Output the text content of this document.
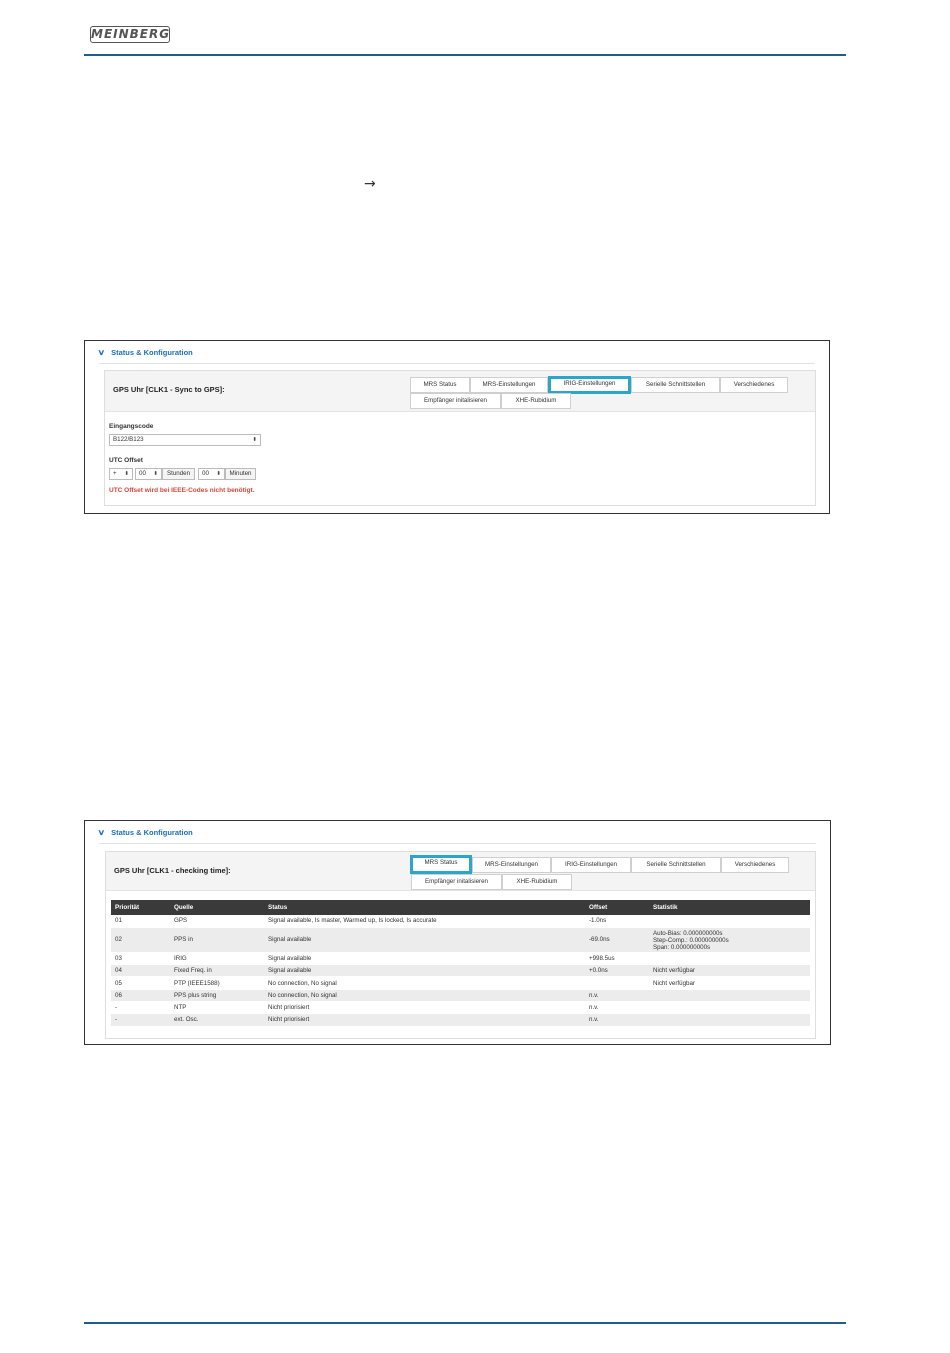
MEINBERG
→
∨ Status & Konfiguration
GPS Uhr [CLK1 - Sync to GPS]:
MRS Status	MRS-Einstellungen	IRIG-Einstellungen	Serielle Schnittstellen	Verschiedenes
Empfänger initalisieren	XHE-Rubidium
Eingangscode
B122/B123	⬍
UTC Offset
+ ⬍	00 ⬍	Stunden	00 ⬍	Minuten
UTC Offset wird bei IEEE-Codes nicht benötigt.
∨ Status & Konfiguration
GPS Uhr [CLK1 - checking time]:
MRS Status	MRS-Einstellungen	IRIG-Einstellungen	Serielle Schnittstellen	Verschiedenes
Empfänger initalisieren	XHE-Rubidium
Priorität	Quelle	Status	Offset	Statistik
01	GPS	Signal available, Is master, Warmed up, Is locked, Is accurate	-1.0ns	
02	PPS in	Signal available	-69.0ns	Auto-Bias: 0.000000000s
Step-Comp.: 0.000000000s
Span: 0.000000000s

03	IRIG	Signal available	+998.5us	
04	Fixed Freq. in	Signal available	+0.0ns	Nicht verfügbar
05	PTP (IEEE1588)	No connection, No signal		Nicht verfügbar
06	PPS plus string	No connection, No signal	n.v.	
-	NTP	Nicht priorisiert	n.v.	
-	ext. Osc.	Nicht priorisiert	n.v.	
